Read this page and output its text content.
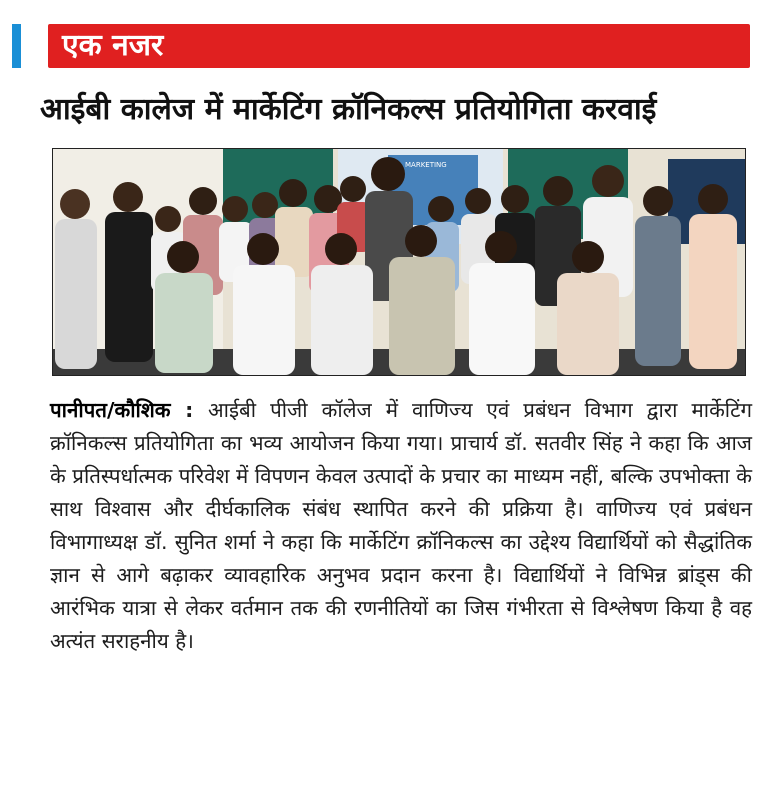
एक नजर
आईबी कालेज में मार्केटिंग क्रॉनिकल्स प्रतियोगिता करवाई
MARKETING

पानीपत/कौशिक : आईबी पीजी कॉलेज में वाणिज्य एवं प्रबंधन विभाग द्वारा मार्केटिंग क्रॉनिकल्स प्रतियोगिता का भव्य आयोजन किया गया। प्राचार्य डॉ. सतवीर सिंह ने कहा कि आज के प्रतिस्पर्धात्मक परिवेश में विपणन केवल उत्पादों के प्रचार का माध्यम नहीं, बल्कि उपभोक्ता के साथ विश्वास और दीर्घकालिक संबंध स्थापित करने की प्रक्रिया है। वाणिज्य एवं प्रबंधन विभागाध्यक्ष डॉ. सुनित शर्मा ने कहा कि मार्केटिंग क्रॉनिकल्स का उद्देश्य विद्यार्थियों को सैद्धांतिक ज्ञान से आगे बढ़ाकर व्यावहारिक अनुभव प्रदान करना है। विद्यार्थियों ने विभिन्न ब्रांड्स की आरंभिक यात्रा से लेकर वर्तमान तक की रणनीतियों का जिस गंभीरता से विश्लेषण किया है वह अत्यंत सराहनीय है।
